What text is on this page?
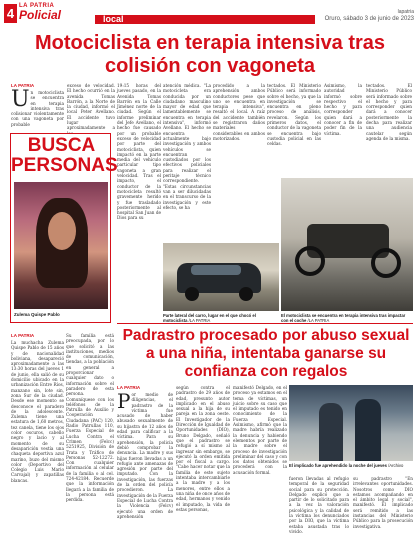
4 LA PATRIA
Policial	local
lapatria
Oruro, sábado 3 de junio de 2023
Motociclista en terapia intensiva tras colisión con vagoneta
LA PATRIA
Un motociclista se encuentra en terapia intensiva tras colisionar violentamente con una vagoneta por probable
exceso de velocidad. El hecho ocurrió en la avenida Tomas Barrón, a la Norte de la ciudad, informó el local Peter Avellano. El accidente tuvo lugar aproximadamente a
19:15 horas del jueves pasado, en la Avenida Tomas Barrón en la Calle Jiménez norte de la ciudad. Según el informe preliminar del Jefe Avellano, el hecho fue causado por un probable exceso de velocidad por parte del motociclista, quien impactó en la parte media del vehículo particular tipo vagoneta a gran velocidad. Tras el impacto, el conductor de la motocicleta resultó gravemente herido y fue trasladado posteriormente al hospital San Juan de Dios para su
atención médica. "La motocicleta era conducida por un ciudadano masculino mayor de edad que lamentablemente se encuentra en terapia intensiva", informó Avellano. El hecho se encuentra actualmente bajo investigación y ambos vehículos se encuentran custodiados por los efectivos policiales para realizar el peritaje técnico correspondiente. "Estas circunstancias van a ser dilucidadas en el transcurso de la investigación y este efecto, se ha
procedido a la aprehensión ambos conductores pese que uno se encuentra en terapia intensiva", resaltó el local. A raíz del accidente también se registraron daños materiales considerables en ambos motorizados.
tectados. El Ministerio Público será informado sobre el hecho, ya que la investigación se encuentra en pleno proceso de análisis, revelaron. Según los primeros datos, el conductor de la vagoneta se encuentra bajo custodia policial en las celdas.
Asimismo, la autoridad informó sobre respectivo el hecho y para corresponder quien dará a conocer a fin de poder fin de la víctima.
tectados. El Ministerio Público será informado sobre el hecho y para corresponder quien dará a conocer posteriormente la decha para realizar una audiencia cautelar según agenda de la misma.
BUSCA PERSONAS
Zulema Quispe Pablo	Parte lateral del carro, lugar en el que chocó el motociclista /LA PATRIA
El motociclista se encuentra en terapia intensiva tras impactar con el coche /LA PATRIA
LA PATRIA
La muchacha Zulema Quispe Pablo de 15 años y de nacionalidad boliviana, desapareció aproximadamente a las 13:30 horas del jueves 1 de junio, ella salió de su domicilio ubicado en la urbanización Entre Ríos, manzano sin, lote sin, zona Sur de la ciudad. Desde ese momento se desconoce el paradero de la adolescente. Zulema tiene una estatura de 1,60 metros, tez canela, tiene los ojos color oscuros, cabello negro y lacio y al momento de su desaparición vestía una chaqueta deportiva azul marino, buzo del mismo color (Deportivo del Colegio Luis Mario Carvajal) y zapatillas blancas.
Su familia está preocupada, por lo que solicitó a las instituciones, medios de comunicación, tiendas, a la población en general a proporcionar cualquier dato o información sobre el paradero de esta persona. Comuníquese con los teléfonos de la Patrulla de Auxilio y Cooperación Ciudadana (PAC) 120, Radio Patrullas 110, Fuerza Especial de Lucha Contra el Crimen (Felcc) 5251925, División de Trata y Tráfico de Personas 52-12272. Con cualquier información al celular de la familia o al cel. 724-42184. Recuerde que la información llegará a la familia de la persona está perdida.
Padrastro procesado por abuso sexual a una niña, intentaba ganarse su confianza con regalos
LA PATRIA
Por medio de diligencias, el padrastro de la víctima fue acusado de haber abusado sexualmente de su hijastra de 12 años de edad para calificar a la víctima. Para su aprehensión, la policía debió comprobar la denuncia. La madre y sus hijas fueron llevadas a un refugio ante amenazas de agresión por parte del imputado. Con la investigación, las fuerzas de la orden del policía procedieron. La investigación de la Fuerza Especial de Lucha Contra la Violencia (Felcv) ejecutó una orden de aprehensión
según contra el padrastro de 29 años de edad, presunto autor implicado en el abuso sexual a la hija de su pareja en la zona oeste. El Investigador de la Dirección de Igualdad de Oportunidades (DIO), Bruno Delgado, señaló que el padrastro se refugió a sí mismo al ingresar sin embargo, se ejecutó la orden emitida por el fiscal a cargo. "Cabe hacer notar que la familia de este sujeto intentaba intercambiarle a la madre y a los menores, entre ellos a una niña de once años de edad, hermanos y venido el imputado, la vida de estas personas,
manifestó Delgado, en el proceso ya estamos en el tema de víctimas, un juicio sobre su caso que el imputado es tenido en conocimiento de la Fuerza Especial. Asimismo, afirmó que la madre habría realizado la denuncia y habiendo elementos por parte de la madre sobre el proceso de investigación preliminar del caso y con los datos obtenidos se procederá con la acusación formal.
El implicado fue aprehendido la noche del jueves /Archivo
fueron llevadas al refugio temporal de la seguridad social para su protección. Delgado explicó que a partir de lo solicitado para a la vez la valoración psicológica y la calidad de la víctima los denunciados por la DIO, que la víctima estaba asustada tras lo vivido.
su padrastro "En irrelevantes oportunidades. Nosotros como DIO estamos acompañando en el ámbito legal y social", manifestó. El implicado será remitido a las instancias del Ministerio Público para la prosecución investigativa.
